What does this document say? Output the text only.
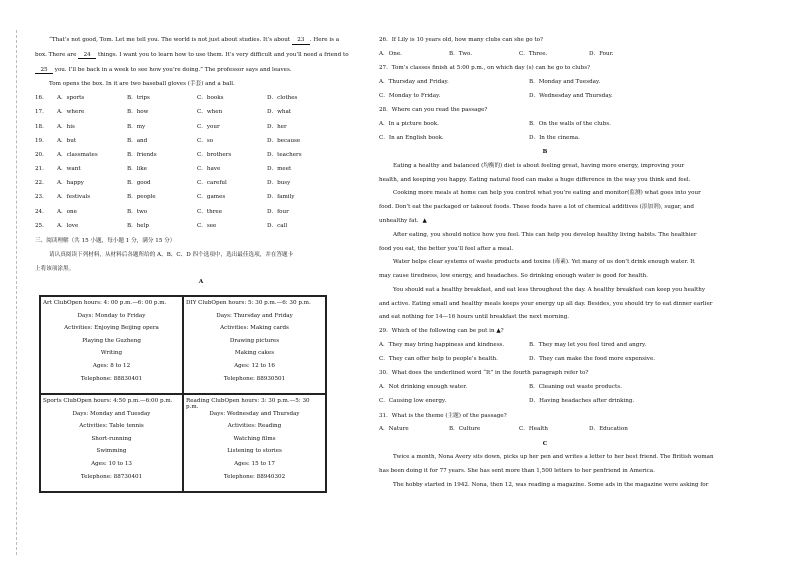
“That’s not good, Tom. Let me tell you. The world is not just about studies. It’s about 23 . Here is a
box. There are 24 things. I want you to learn how to use them. It’s very difficult and you’ll need a friend to
25 you. I’ll be back in a week to see how you’re doing.” The professor says and leaves.
Tom opens the box. In it are two baseball gloves (手套) and a ball.
16．	A．sports	B．trips	C．books	D．clothes
17．	A．where	B．how	C．when	D．what
18．	A．his	B．my	C．your	D．her
19．	A．but	B．and	C．so	D．because
20．	A．classmates	B．friends	C．brothers	D．teachers
21．	A．want	B．like	C．have	D．meet
22．	A．happy	B．good	C．careful	D．busy
23．	A．festivals	B．people	C．games	D．family
24．	A．one	B．two	C．three	D．four
25．	A．love	B．help	C．see	D．call
三、阅读理解（共 15 小题，每小题 1 分，满分 15 分）
请认真阅读下列材料，从材料后各题所给的 A、B、C、D 四个选项中，选出最佳选项，并在答题卡
上将该项涂黑。
A
Art ClubOpen hours: 4: 00 p.m.—6: 00 p.m.
Days: Monday to Friday
Activities: Enjoying Beijing opera
Playing the Guzheng
Writing
Ages: 8 to 12
Telephone: 88830401
DIY ClubOpen hours: 5: 30 p.m.—6: 30 p.m.
Days: Thursday and Friday
Activities: Making cards
Drawing pictures
Making cakes
Ages: 12 to 16
Telephone: 88930501
Sports ClubOpen hours: 4:50 p.m.—6:00 p.m.
Days: Monday and Tuesday
Activities: Table tennis
Short-running
Swimming
Ages: 10 to 13
Telephone: 88730401
Reading ClubOpen hours: 3: 30 p.m.—5: 30 p.m.
Days: Wednesday and Thursday
Activities: Reading
Watching films
Listening to stories
Ages: 15 to 17
Telephone: 88940302
26．If Lily is 10 years old, how many clubs can she go to?
A．One.	B．Two.	C．Three.	D．Four.
27．Tom’s classes finish at 5:00 p.m., on which day (s) can he go to clubs?
A．Thursday and Friday.	B．Monday and Tuesday.
C．Monday to Friday.	D．Wednesday and Thursday.
28．Where can you read the passage?
A．In a picture book.	B．On the walls of the clubs.
C．In an English book.	D．In the cinema.
B
Eating a healthy and balanced (均衡的) diet is about feeling great, having more energy, improving your
health, and keeping you happy. Eating natural food can make a huge difference in the way you think and feel.
Cooking more meals at home can help you control what you’re eating and monitor(监测) what goes into your
food. Don’t eat the packaged or takeout foods. These foods have a lot of chemical additives (添加剂), sugar, and
unhealthy fat. ▲
After eating, you should notice how you feel. This can help you develop healthy living habits. The healthier
food you eat, the better you’ll feel after a meal.
Water helps clear systems of waste products and toxins (毒素). Yet many of us don’t drink enough water. It
may cause tiredness, low energy, and headaches. So drinking enough water is good for health.
You should eat a healthy breakfast, and eat less throughout the day. A healthy breakfast can keep you healthy
and active. Eating small and healthy meals keeps your energy up all day. Besides, you should try to eat dinner earlier
and eat nothing for 14—16 hours until breakfast the next morning.
29．Which of the following can be put in ▲?
A．They may bring happiness and kindness.	B．They may let you feel tired and angry.
C．They can offer help to people’s health.	D．They can make the food more expensive.
30．What does the underlined word “It” in the fourth paragraph refer to?
A．Not drinking enough water.	B．Cleaning out waste products.
C．Causing low energy.	D．Having headaches after drinking.
31．What is the theme (主题) of the passage?
A．Nature	B．Culture	C．Health	D．Education
C
Twice a month, Nona Avery sits down, picks up her pen and writes a letter to her best friend. The British woman
has been doing it for 77 years. She has sent more than 1,500 letters to her penfriend in America.
The hobby started in 1942. Nona, then 12, was reading a magazine. Some ads in the magazine were asking for
